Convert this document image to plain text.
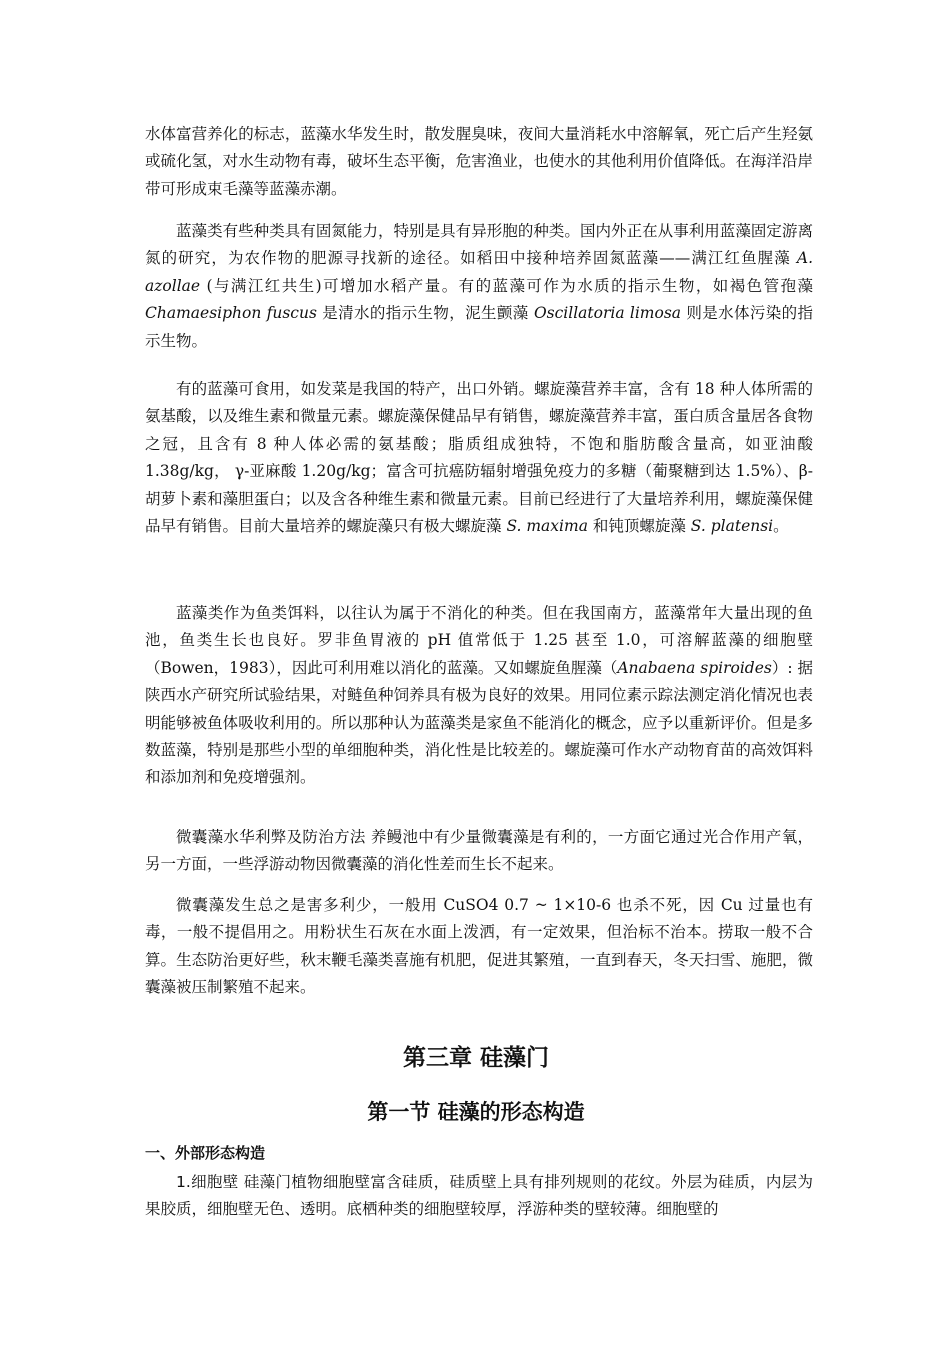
水体富营养化的标志，蓝藻水华发生时，散发腥臭味，夜间大量消耗水中溶解氧，死亡后产生羟氨或硫化氢，对水生动物有毒，破坏生态平衡，危害渔业，也使水的其他利用价值降低。在海洋沿岸带可形成束毛藻等蓝藻赤潮。

蓝藻类有些种类具有固氮能力，特别是具有异形胞的种类。国内外正在从事利用蓝藻固定游离氮的研究，为农作物的肥源寻找新的途径。如稻田中接种培养固氮蓝藻——满江红鱼腥藻 A. azollae (与满江红共生)可增加水稻产量。有的蓝藻可作为水质的指示生物，如褐色管孢藻 Chamaesiphon fuscus 是清水的指示生物，泥生颤藻 Oscillatoria limosa 则是水体污染的指示生物。

有的蓝藻可食用，如发菜是我国的特产，出口外销。螺旋藻营养丰富，含有 18 种人体所需的氨基酸，以及维生素和微量元素。螺旋藻保健品早有销售，螺旋藻营养丰富，蛋白质含量居各食物之冠，且含有 8 种人体必需的氨基酸；脂质组成独特，不饱和脂肪酸含量高，如亚油酸 1.38g/kg， γ-亚麻酸 1.20g/kg；富含可抗癌防辐射增强免疫力的多糖（葡聚糖到达 1.5%）、β-胡萝卜素和藻胆蛋白；以及含各种维生素和微量元素。目前已经进行了大量培养利用，螺旋藻保健品早有销售。目前大量培养的螺旋藻只有极大螺旋藻 S. maxima 和钝顶螺旋藻 S. platensi。

蓝藻类作为鱼类饵料，以往认为属于不消化的种类。但在我国南方，蓝藻常年大量出现的鱼池，鱼类生长也良好。罗非鱼胃液的 pH 值常低于 1.25 甚至 1.0，可溶解蓝藻的细胞壁（Bowen，1983），因此可利用难以消化的蓝藻。又如螺旋鱼腥藻（Anabaena spiroides）: 据陕西水产研究所试验结果，对鲢鱼种饲养具有极为良好的效果。用同位素示踪法测定消化情况也表明能够被鱼体吸收利用的。所以那种认为蓝藻类是家鱼不能消化的概念，应予以重新评价。但是多数蓝藻，特别是那些小型的单细胞种类，消化性是比较差的。螺旋藻可作水产动物育苗的高效饵料和添加剂和免疫增强剂。

微囊藻水华利弊及防治方法 养鳗池中有少量微囊藻是有利的，一方面它通过光合作用产氧，另一方面，一些浮游动物因微囊藻的消化性差而生长不起来。

微囊藻发生总之是害多利少，一般用 CuSO4 0.7 ~ 1×10-6 也杀不死，因 Cu 过量也有毒，一般不提倡用之。用粉状生石灰在水面上泼洒，有一定效果，但治标不治本。捞取一般不合算。生态防治更好些，秋末鞭毛藻类喜施有机肥，促进其繁殖，一直到春天，冬天扫雪、施肥，微囊藻被压制繁殖不起来。

第三章 硅藻门
第一节 硅藻的形态构造
一、外部形态构造

1.细胞壁 硅藻门植物细胞壁富含硅质，硅质壁上具有排列规则的花纹。外层为硅质，内层为果胶质，细胞壁无色、透明。底栖种类的细胞壁较厚，浮游种类的壁较薄。细胞壁的
